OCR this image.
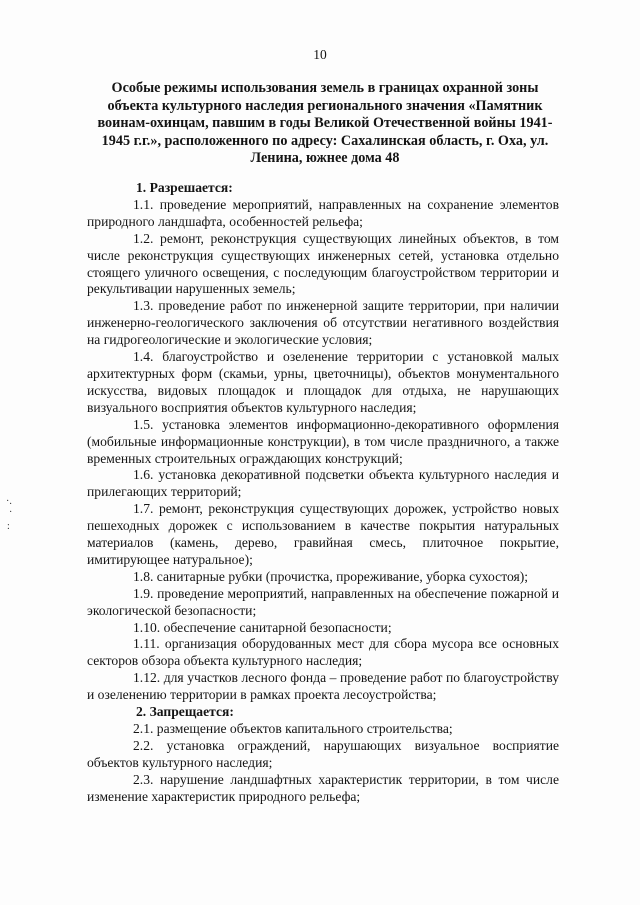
10
Особые режимы использования земель в границах охранной зоны объекта культурного наследия регионального значения «Памятник воинам-охинцам, павшим в годы Великой Отечественной войны 1941-1945 г.г.», расположенного по адресу: Сахалинская область, г. Оха, ул. Ленина, южнее дома 48

1. Разрешается:

1.1. проведение мероприятий, направленных на сохранение элементов природного ландшафта, особенностей рельефа;

1.2. ремонт, реконструкция существующих линейных объектов, в том числе реконструкция существующих инженерных сетей, установка отдельно стоящего уличного освещения, с последующим благоустройством территории и рекультивации нарушенных земель;

1.3. проведение работ по инженерной защите территории, при наличии инженерно-геологического заключения об отсутствии негативного воздействия на гидрогеологические и экологические условия;

1.4. благоустройство и озеленение территории с установкой малых архитектурных форм (скамьи, урны, цветочницы), объектов монументального искусства, видовых площадок и площадок для отдыха, не нарушающих визуального восприятия объектов культурного наследия;

1.5. установка элементов информационно-декоративного оформления (мобильные информационные конструкции), в том числе праздничного, а также временных строительных ограждающих конструкций;

1.6. установка декоративной подсветки объекта культурного наследия и прилегающих территорий;

1.7. ремонт, реконструкция существующих дорожек, устройство новых пешеходных дорожек с использованием в качестве покрытия натуральных материалов (камень, дерево, гравийная смесь, плиточное покрытие, имитирующее натуральное);

1.8. санитарные рубки (прочистка, прореживание, уборка сухостоя);

1.9. проведение мероприятий, направленных на обеспечение пожарной и экологической безопасности;

1.10. обеспечение санитарной безопасности;

1.11. организация оборудованных мест для сбора мусора все основных секторов обзора объекта культурного наследия;

1.12. для участков лесного фонда – проведение работ по благоустройству и озеленению территории в рамках проекта лесоустройства;

2. Запрещается:

2.1. размещение объектов капитального строительства;

2.2. установка ограждений, нарушающих визуальное восприятие объектов культурного наследия;

2.3. нарушение ландшафтных характеристик территории, в том числе изменение характеристик природного рельефа;

·.
·
:
